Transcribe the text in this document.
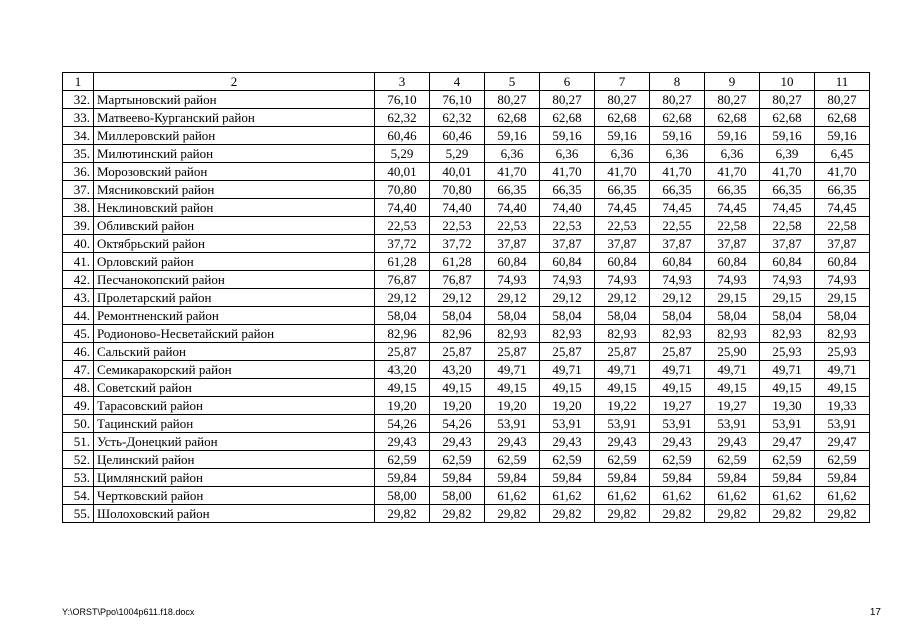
1	2	3	4	5	6	7	8	9	10	11
32.	Мартыновский район	76,10	76,10	80,27	80,27	80,27	80,27	80,27	80,27	80,27
33.	Матвеево-Курганский район	62,32	62,32	62,68	62,68	62,68	62,68	62,68	62,68	62,68
34.	Миллеровский район	60,46	60,46	59,16	59,16	59,16	59,16	59,16	59,16	59,16
35.	Милютинский район	5,29	5,29	6,36	6,36	6,36	6,36	6,36	6,39	6,45
36.	Морозовский район	40,01	40,01	41,70	41,70	41,70	41,70	41,70	41,70	41,70
37.	Мясниковский район	70,80	70,80	66,35	66,35	66,35	66,35	66,35	66,35	66,35
38.	Неклиновский район	74,40	74,40	74,40	74,40	74,45	74,45	74,45	74,45	74,45
39.	Обливский район	22,53	22,53	22,53	22,53	22,53	22,55	22,58	22,58	22,58
40.	Октябрьский район	37,72	37,72	37,87	37,87	37,87	37,87	37,87	37,87	37,87
41.	Орловский район	61,28	61,28	60,84	60,84	60,84	60,84	60,84	60,84	60,84
42.	Песчанокопский район	76,87	76,87	74,93	74,93	74,93	74,93	74,93	74,93	74,93
43.	Пролетарский район	29,12	29,12	29,12	29,12	29,12	29,12	29,15	29,15	29,15
44.	Ремонтненский район	58,04	58,04	58,04	58,04	58,04	58,04	58,04	58,04	58,04
45.	Родионово-Несветайский район	82,96	82,96	82,93	82,93	82,93	82,93	82,93	82,93	82,93
46.	Сальский район	25,87	25,87	25,87	25,87	25,87	25,87	25,90	25,93	25,93
47.	Семикаракорский район	43,20	43,20	49,71	49,71	49,71	49,71	49,71	49,71	49,71
48.	Советский район	49,15	49,15	49,15	49,15	49,15	49,15	49,15	49,15	49,15
49.	Тарасовский район	19,20	19,20	19,20	19,20	19,22	19,27	19,27	19,30	19,33
50.	Тацинский район	54,26	54,26	53,91	53,91	53,91	53,91	53,91	53,91	53,91
51.	Усть-Донецкий район	29,43	29,43	29,43	29,43	29,43	29,43	29,43	29,47	29,47
52.	Целинский район	62,59	62,59	62,59	62,59	62,59	62,59	62,59	62,59	62,59
53.	Цимлянский район	59,84	59,84	59,84	59,84	59,84	59,84	59,84	59,84	59,84
54.	Чертковский район	58,00	58,00	61,62	61,62	61,62	61,62	61,62	61,62	61,62
55.	Шолоховский район	29,82	29,82	29,82	29,82	29,82	29,82	29,82	29,82	29,82
Y:\ORST\Ppo\1004p611.f18.docx	17
